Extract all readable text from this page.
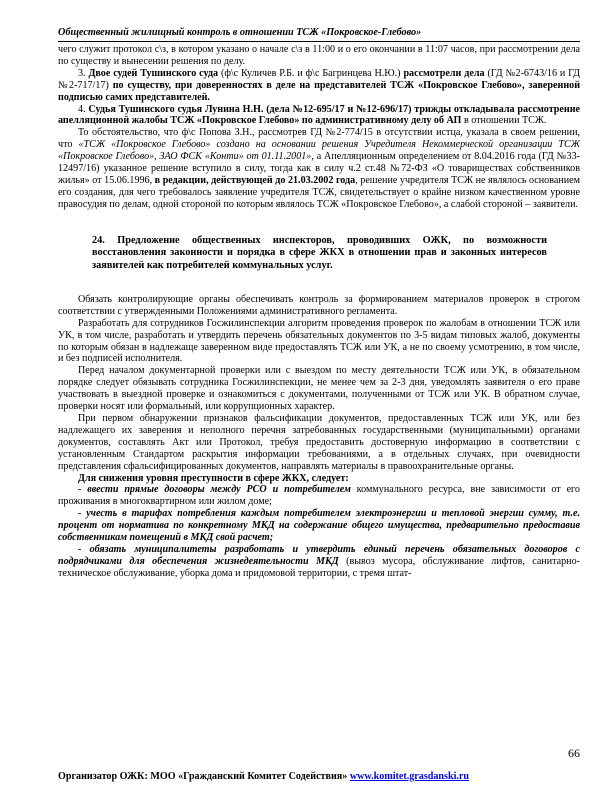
Общественный жилищный контроль в отношении ТСЖ «Покровское-Глебово»

чего служит протокол с\з, в котором указано о начале с\з в 11:00 и о его окончании в 11:07 часов, при рассмотрении дела по существу и вынесении решения по делу.

3. Двое судей Тушинского суда (ф\с Куличев Р.Б. и ф\с Багринцева Н.Ю.) рассмотрели дела (ГД №2-6743/16 и ГД №2-717/17) по существу, при доверенностях в деле на представителей ТСЖ «Покровское Глебово», заверенной подписью самих представителей.

4. Судья Тушинского судья Лунина Н.Н. (дела №12-695/17 и №12-696/17) трижды откладывала рассмотрение апелляционной жалобы ТСЖ «Покровское Глебово» по административному делу об АП в отношении ТСЖ.

То обстоятельство, что ф\с Попова З.Н., рассмотрев ГД №2-774/15 в отсутствии истца, указала в своем решении, что «ТСЖ «Покровское Глебово» создано на основании решения Учредителя Некоммерческой организации ТСЖ «Покровское Глебово», ЗАО ФСК «Конти» от 01.11.2001», а Апелляционным определением от 8.04.2016 года (ГД №33-12497/16) указанное решение вступило в силу, тогда как в силу ч.2 ст.48 №72-ФЗ «О товариществах собственников жилья» от 15.06.1996, в редакции, действующей до 21.03.2002 года, решение учредителя ТСЖ не являлось основанием его создания, для чего требовалось заявление учредителя ТСЖ, свидетельствует о крайне низком качественном уровне правосудия по делам, одной стороной по которым являлось ТСЖ «Покровское Глебово», а слабой стороной – заявители.

24. Предложение общественных инспекторов, проводивших ОЖК, по возможности восстановления законности и порядка в сфере ЖКХ в отношении прав и законных интересов заявителей как потребителей коммунальных услуг.

Обязать контролирующие органы обеспечивать контроль за формированием материалов проверок в строгом соответствии с утвержденными Положениями административного регламента.

Разработать для сотрудников Госжилинспекции алгоритм проведения проверок по жалобам в отношении ТСЖ или УК, в том числе, разработать и утвердить перечень обязательных документов по 3-5 видам типовых жалоб, документы по которым обязан в надлежаще заверенном виде предоставлять ТСЖ или УК, а не по своему усмотрению, в том числе, и без подписей исполнителя.

Перед началом документарной проверки или с выездом по месту деятельности ТСЖ или УК, в обязательном порядке следует обязывать сотрудника Госжилинспекции, не менее чем за 2-3 дня, уведомлять заявителя о его праве участвовать в выездной проверке и ознакомиться с документами, полученными от ТСЖ или УК. В обратном случае, проверки носят или формальный, или коррупционных характер.

При первом обнаружении признаков фальсификации документов, предоставленных ТСЖ или УК, или без надлежащего их заверения и неполного перечня затребованных государственными (муниципальными) органами документов, составлять Акт или Протокол, требуя предоставить достоверную информацию в соответствии с установленным Стандартом раскрытия информации требованиями, а в отдельных случаях, при очевидности представления сфальсифицированных документов, направлять материалы в правоохранительные органы.

Для снижения уровня преступности в сфере ЖКХ, следует:

- ввести прямые договоры между РСО и потребителем коммунального ресурса, вне зависимости от его проживания в многоквартирном или жилом доме;

- учесть в тарифах потребления каждым потребителем электроэнергии и тепловой энергии сумму, т.е. процент от норматива по конкретному МКД на содержание общего имущества, предварительно предоставив собственникам помещений в МКД свой расчет;

- обязать муниципалитеты разработать и утвердить единый перечень обязательных договоров с подрядчиками для обеспечения жизнедеятельности МКД (вывоз мусора, обслуживание лифтов, санитарно-техническое обслуживание, уборка дома и придомовой территории, с тремя штат-

66
Организатор ОЖК: МОО «Гражданский Комитет Содействия» www.komitet.grasdanski.ru
